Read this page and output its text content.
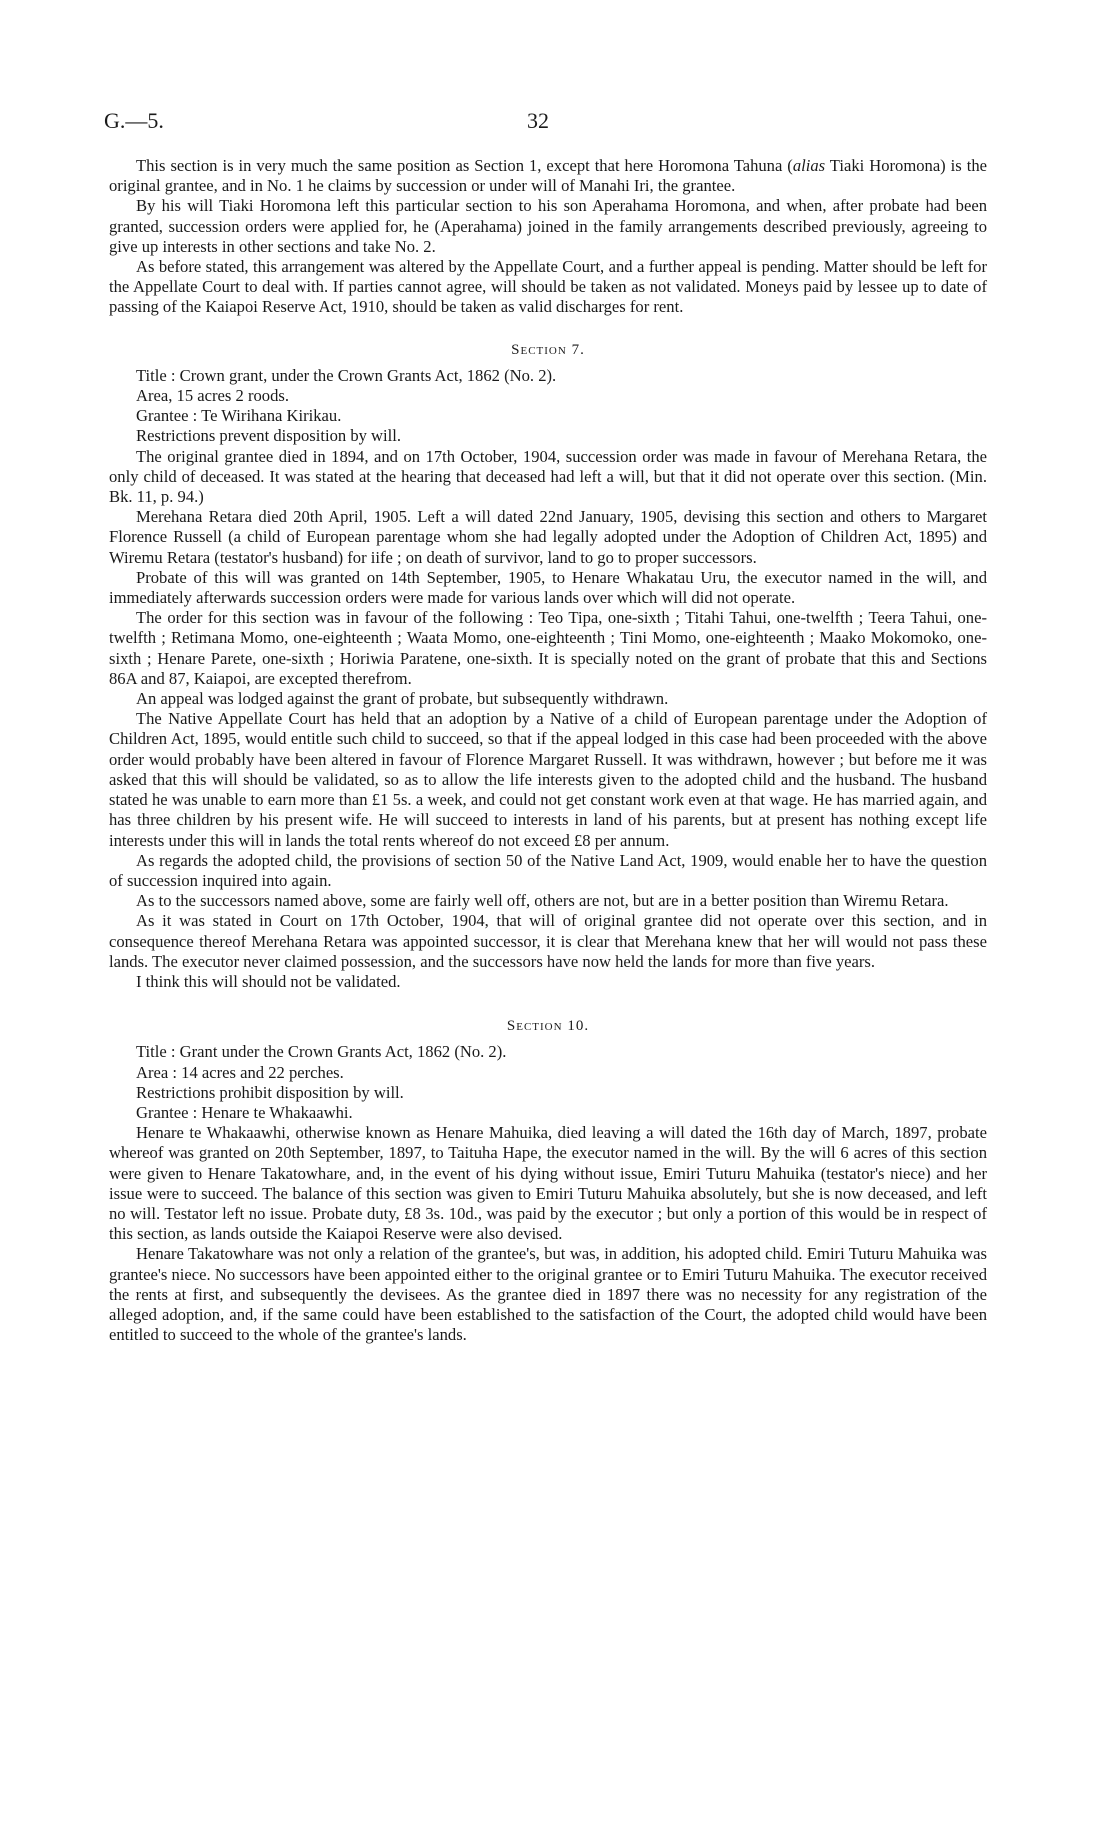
G.—5.	32

This section is in very much the same position as Section 1, except that here Horomona Tahuna (alias Tiaki Horomona) is the original grantee, and in No. 1 he claims by succession or under will of Manahi Iri, the grantee.

By his will Tiaki Horomona left this particular section to his son Aperahama Horomona, and when, after probate had been granted, succession orders were applied for, he (Aperahama) joined in the family arrangements described previously, agreeing to give up interests in other sections and take No. 2.

As before stated, this arrangement was altered by the Appellate Court, and a further appeal is pending. Matter should be left for the Appellate Court to deal with. If parties cannot agree, will should be taken as not validated. Moneys paid by lessee up to date of passing of the Kaiapoi Reserve Act, 1910, should be taken as valid discharges for rent.

Section 7.

Title : Crown grant, under the Crown Grants Act, 1862 (No. 2).

Area, 15 acres 2 roods.

Grantee : Te Wirihana Kirikau.

Restrictions prevent disposition by will.

The original grantee died in 1894, and on 17th October, 1904, succession order was made in favour of Merehana Retara, the only child of deceased. It was stated at the hearing that deceased had left a will, but that it did not operate over this section. (Min. Bk. 11, p. 94.)

Merehana Retara died 20th April, 1905. Left a will dated 22nd January, 1905, devising this section and others to Margaret Florence Russell (a child of European parentage whom she had legally adopted under the Adoption of Children Act, 1895) and Wiremu Retara (testator's husband) for iife ; on death of survivor, land to go to proper successors.

Probate of this will was granted on 14th September, 1905, to Henare Whakatau Uru, the executor named in the will, and immediately afterwards succession orders were made for various lands over which will did not operate.

The order for this section was in favour of the following : Teo Tipa, one-sixth ; Titahi Tahui, one-twelfth ; Teera Tahui, one-twelfth ; Retimana Momo, one-eighteenth ; Waata Momo, one-eighteenth ; Tini Momo, one-eighteenth ; Maako Mokomoko, one-sixth ; Henare Parete, one-sixth ; Horiwia Paratene, one-sixth. It is specially noted on the grant of probate that this and Sections 86A and 87, Kaiapoi, are excepted therefrom.

An appeal was lodged against the grant of probate, but subsequently withdrawn.

The Native Appellate Court has held that an adoption by a Native of a child of European parentage under the Adoption of Children Act, 1895, would entitle such child to succeed, so that if the appeal lodged in this case had been proceeded with the above order would probably have been altered in favour of Florence Margaret Russell. It was withdrawn, however ; but before me it was asked that this will should be validated, so as to allow the life interests given to the adopted child and the husband. The husband stated he was unable to earn more than £1 5s. a week, and could not get constant work even at that wage. He has married again, and has three children by his present wife. He will succeed to interests in land of his parents, but at present has nothing except life interests under this will in lands the total rents whereof do not exceed £8 per annum.

As regards the adopted child, the provisions of section 50 of the Native Land Act, 1909, would enable her to have the question of succession inquired into again.

As to the successors named above, some are fairly well off, others are not, but are in a better position than Wiremu Retara.

As it was stated in Court on 17th October, 1904, that will of original grantee did not operate over this section, and in consequence thereof Merehana Retara was appointed successor, it is clear that Merehana knew that her will would not pass these lands. The executor never claimed possession, and the successors have now held the lands for more than five years.

I think this will should not be validated.

Section 10.

Title : Grant under the Crown Grants Act, 1862 (No. 2).

Area : 14 acres and 22 perches.

Restrictions prohibit disposition by will.

Grantee : Henare te Whakaawhi.

Henare te Whakaawhi, otherwise known as Henare Mahuika, died leaving a will dated the 16th day of March, 1897, probate whereof was granted on 20th September, 1897, to Taituha Hape, the executor named in the will. By the will 6 acres of this section were given to Henare Takatowhare, and, in the event of his dying without issue, Emiri Tuturu Mahuika (testator's niece) and her issue were to succeed. The balance of this section was given to Emiri Tuturu Mahuika absolutely, but she is now deceased, and left no will. Testator left no issue. Probate duty, £8 3s. 10d., was paid by the executor ; but only a portion of this would be in respect of this section, as lands outside the Kaiapoi Reserve were also devised.

Henare Takatowhare was not only a relation of the grantee's, but was, in addition, his adopted child. Emiri Tuturu Mahuika was grantee's niece. No successors have been appointed either to the original grantee or to Emiri Tuturu Mahuika. The executor received the rents at first, and subsequently the devisees. As the grantee died in 1897 there was no necessity for any registration of the alleged adoption, and, if the same could have been established to the satisfaction of the Court, the adopted child would have been entitled to succeed to the whole of the grantee's lands.
